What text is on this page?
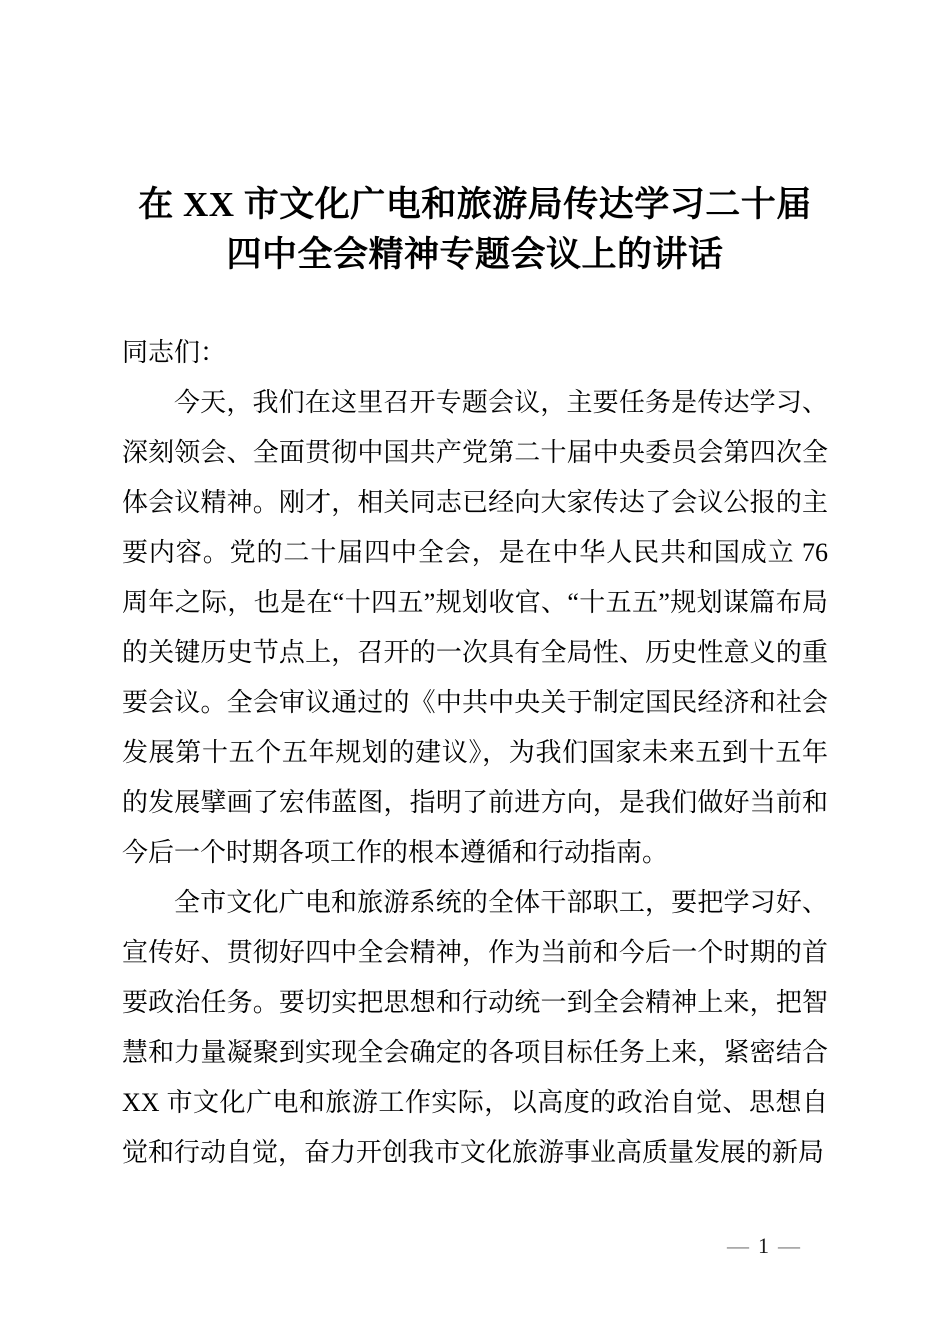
在 XX 市文化广电和旅游局传达学习二十届四中全会精神专题会议上的讲话

同志们：

今天，我们在这里召开专题会议，主要任务是传达学习、深刻领会、全面贯彻中国共产党第二十届中央委员会第四次全体会议精神。刚才，相关同志已经向大家传达了会议公报的主要内容。党的二十届四中全会，是在中华人民共和国成立 76 周年之际，也是在“十四五”规划收官、“十五五”规划谋篇布局的关键历史节点上，召开的一次具有全局性、历史性意义的重要会议。全会审议通过的《中共中央关于制定国民经济和社会发展第十五个五年规划的建议》，为我们国家未来五到十五年的发展擘画了宏伟蓝图，指明了前进方向，是我们做好当前和今后一个时期各项工作的根本遵循和行动指南。

全市文化广电和旅游系统的全体干部职工，要把学习好、宣传好、贯彻好四中全会精神，作为当前和今后一个时期的首要政治任务。要切实把思想和行动统一到全会精神上来，把智慧和力量凝聚到实现全会确定的各项目标任务上来，紧密结合 XX 市文化广电和旅游工作实际，以高度的政治自觉、思想自觉和行动自觉，奋力开创我市文化旅游事业高质量发展的新局

— 1 —
